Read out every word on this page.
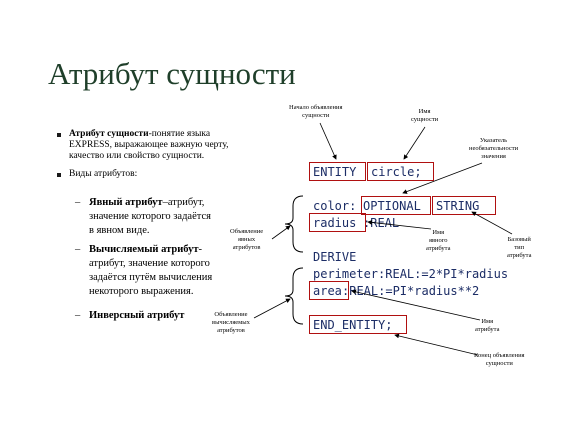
Атрибут сущности
Атрибут сущности-понятие языка
EXPRESS, выражающее важную черту,
качество или свойство сущности.
Виды атрибутов:
– Явный атрибут–атрибут,
значение которого задаётся
в явном виде.
– Вычисляемый атрибут-
атрибут, значение которого
задаётся путём вычисления
некоторого выражения.
– Инверсный атрибут
ENTITY circle;
color: OPTIONAL STRING
radius :REAL
DERIVE
perimeter:REAL:=2*PI*radius
area :REAL:=PI*radius**2
END_ENTITY;
Начало объявления
сущности
Имя
сущности
Указатель
необязательности
значения
Объявление
явных
атрибутов
Имя
явного
атрибута
Базовый
тип
атрибута
Объявление
вычисляемых
атрибутов
Имя
атрибута
Конец объявления
сущности
